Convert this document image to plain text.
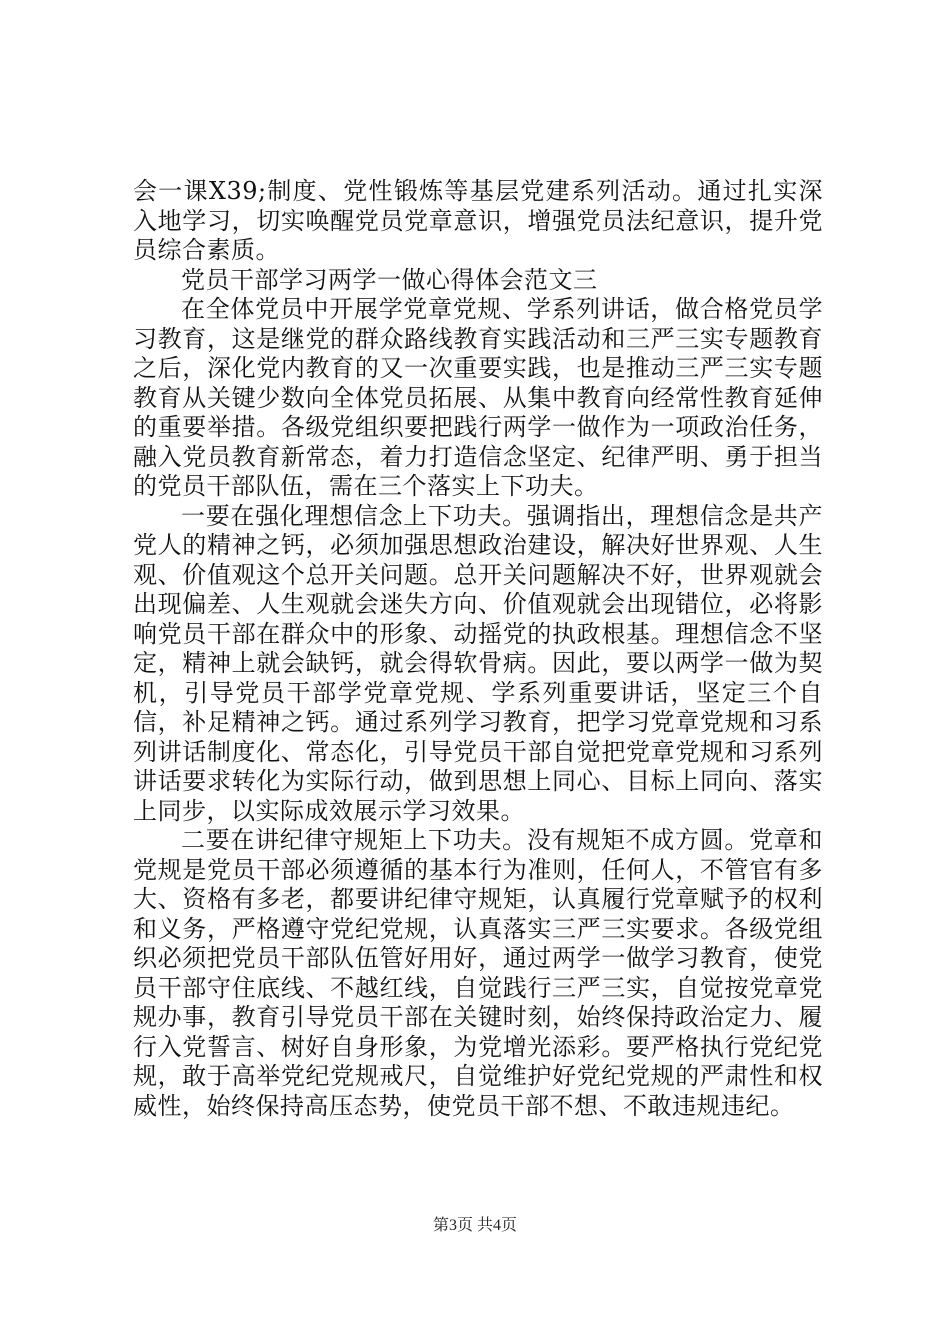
会一课X39;制度、党性锻炼等基层党建系列活动。通过扎实深入地学习，切实唤醒党员党章意识，增强党员法纪意识，提升党员综合素质。

党员干部学习两学一做心得体会范文三

在全体党员中开展学党章党规、学系列讲话，做合格党员学习教育，这是继党的群众路线教育实践活动和三严三实专题教育之后，深化党内教育的又一次重要实践，也是推动三严三实专题教育从关键少数向全体党员拓展、从集中教育向经常性教育延伸的重要举措。各级党组织要把践行两学一做作为一项政治任务，融入党员教育新常态，着力打造信念坚定、纪律严明、勇于担当的党员干部队伍，需在三个落实上下功夫。

一要在强化理想信念上下功夫。强调指出，理想信念是共产党人的精神之钙，必须加强思想政治建设，解决好世界观、人生观、价值观这个总开关问题。总开关问题解决不好，世界观就会出现偏差、人生观就会迷失方向、价值观就会出现错位，必将影响党员干部在群众中的形象、动摇党的执政根基。理想信念不坚定，精神上就会缺钙，就会得软骨病。因此，要以两学一做为契机，引导党员干部学党章党规、学系列重要讲话，坚定三个自信，补足精神之钙。通过系列学习教育，把学习党章党规和习系列讲话制度化、常态化，引导党员干部自觉把党章党规和习系列讲话要求转化为实际行动，做到思想上同心、目标上同向、落实上同步，以实际成效展示学习效果。

二要在讲纪律守规矩上下功夫。没有规矩不成方圆。党章和党规是党员干部必须遵循的基本行为准则，任何人，不管官有多大、资格有多老，都要讲纪律守规矩，认真履行党章赋予的权利和义务，严格遵守党纪党规，认真落实三严三实要求。各级党组织必须把党员干部队伍管好用好，通过两学一做学习教育，使党员干部守住底线、不越红线，自觉践行三严三实，自觉按党章党规办事，教育引导党员干部在关键时刻，始终保持政治定力、履行入党誓言、树好自身形象，为党增光添彩。要严格执行党纪党规，敢于高举党纪党规戒尺，自觉维护好党纪党规的严肃性和权威性，始终保持高压态势，使党员干部不想、不敢违规违纪。

第3页 共4页
